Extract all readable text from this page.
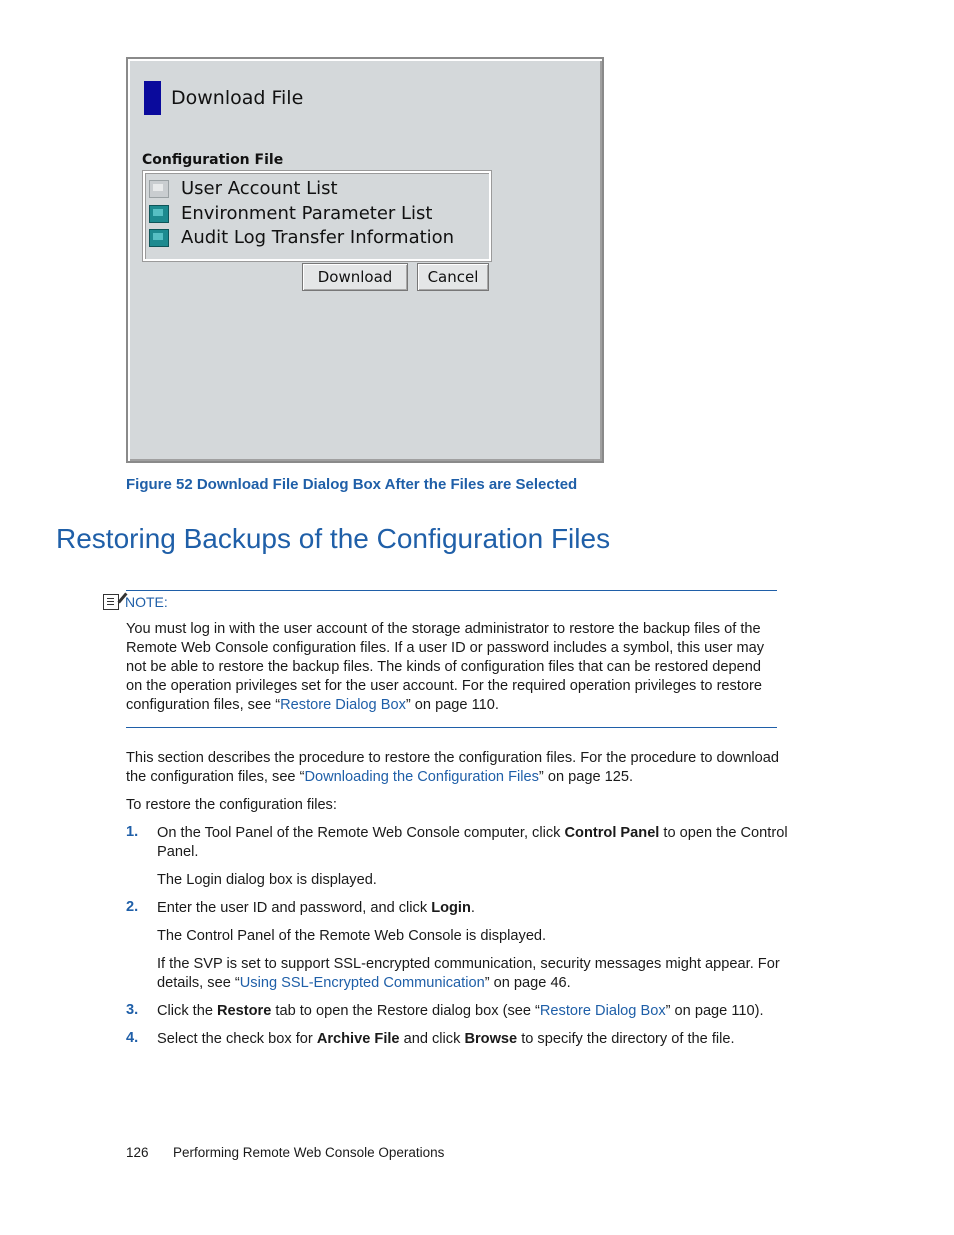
Download File
Configuration File
User Account List
Environment Parameter List
Audit Log Transfer Information
Download	Cancel
Figure 52 Download File Dialog Box After the Files are Selected
Restoring Backups of the Configuration Files
NOTE:
You must log in with the user account of the storage administrator to restore the backup files of the
Remote Web Console configuration files. If a user ID or password includes a symbol, this user may
not be able to restore the backup files. The kinds of configuration files that can be restored depend
on the operation privileges set for the user account. For the required operation privileges to restore
configuration files, see “Restore Dialog Box” on page 110.
This section describes the procedure to restore the configuration files. For the procedure to download
the configuration files, see “Downloading the Configuration Files” on page 125.
To restore the configuration files:
1. On the Tool Panel of the Remote Web Console computer, click Control Panel to open the Control
Panel.
The Login dialog box is displayed.
2. Enter the user ID and password, and click Login.
The Control Panel of the Remote Web Console is displayed.
If the SVP is set to support SSL-encrypted communication, security messages might appear. For
details, see “Using SSL-Encrypted Communication” on page 46.
3. Click the Restore tab to open the Restore dialog box (see “Restore Dialog Box” on page 110).
4. Select the check box for Archive File and click Browse to specify the directory of the file.
126 Performing Remote Web Console Operations
